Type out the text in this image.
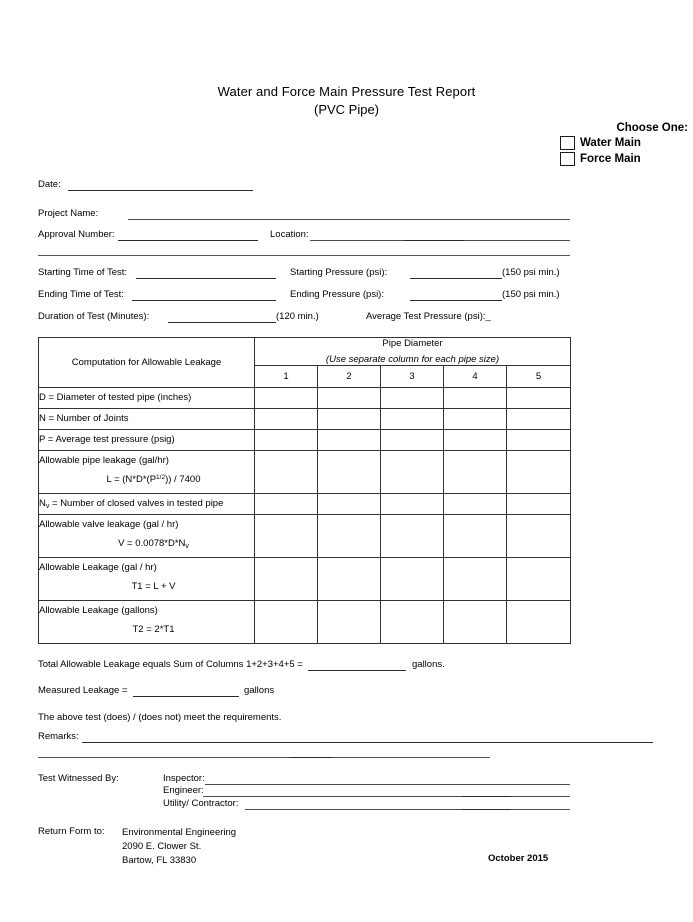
Water and Force Main Pressure Test Report
(PVC Pipe)
Choose One:
Water Main
Force Main
Date:
Project Name:
Approval Number:	Location:
Starting Time of Test:	Starting Pressure (psi):	(150 psi min.)
Ending Time of Test:	Ending Pressure (psi):	(150 psi min.)
Duration of Test (Minutes):	(120 min.)	Average Test Pressure (psi):_
Computation for Allowable Leakage	Pipe Diameter
(Use separate column for each pipe size)				

	1	2	3	4	5
D = Diameter of tested pipe (inches)					
N = Number of Joints					
P = Average test pressure (psig)					
Allowable pipe leakage (gal/hr)
$L = (N*D*(P^{1/2})) / 7400$					

$N_v$ = Number of closed valves in tested pipe					
Allowable valve leakage (gal / hr)
$V = 0.0078*D*N_v$

Allowable Leakage (gal / hr)
T1 = L + V					

Allowable Leakage (gallons)
T2 = 2*T1					

Total Allowable Leakage equals Sum of Columns 1+2+3+4+5 =	gallons.
Measured Leakage =	gallons
The above test (does) / (does not) meet the requirements.
Remarks:
Test Witnessed By:	Inspector:
Engineer:
Utility/ Contractor:
Return Form to: Environmental Engineering
2090 E. Clower St.
Bartow, FL 33830	October 2015
